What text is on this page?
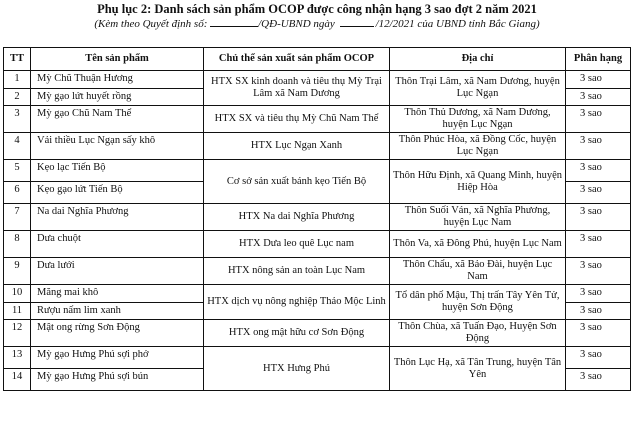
Phụ lục 2: Danh sách sản phẩm OCOP được công nhận hạng 3 sao đợt 2 năm 2021
(Kèm theo Quyết định số:	/QĐ-UBND ngày	/12/2021 của UBND tỉnh Bắc Giang)
TT	Tên sản phẩm	Chủ thể sản xuất sản phẩm OCOP	Địa chỉ	Phân hạng
1	Mỳ Chũ Thuận Hương	HTX SX kinh doanh và tiêu thụ Mỳ Trại Lâm xã Nam Dương	Thôn Trại Lâm, xã Nam Dương, huyện Lục Ngạn	3 sao
2	Mỳ gạo lứt huyết rồng			3 sao
3	Mỳ gạo Chũ Nam Thể	HTX SX và tiêu thụ Mỳ Chũ Nam Thể	Thôn Thủ Dương, xã Nam Dương, huyện Lục Ngạn	3 sao
4	Vải thiều Lục Ngạn sấy khô	HTX Lục Ngạn Xanh	Thôn Phúc Hòa, xã Đồng Cốc, huyện Lục Ngạn	3 sao
5	Kẹo lạc Tiến Bộ	Cơ sở sản xuất bánh kẹo Tiến Bộ	Thôn Hữu Định, xã Quang Minh, huyện Hiệp Hòa	3 sao
6	Kẹo gạo lứt Tiến Bộ			3 sao
7	Na dai Nghĩa Phương	HTX Na dai Nghĩa Phương	Thôn Suối Ván, xã Nghĩa Phương, huyện Lục Nam	3 sao
8	Dưa chuột	HTX Dưa leo quê Lục nam	Thôn Va, xã Đông Phú, huyện Lục Nam	3 sao
9	Dưa lưới	HTX nông sản an toàn Lục Nam	Thôn Chẩu, xã Bảo Đài, huyện Lục Nam	3 sao
10	Măng mai khô	HTX dịch vụ nông nghiệp Thảo Mộc Linh	Tổ dân phố Mậu, Thị trấn Tây Yên Tử, huyện Sơn Động	3 sao
11	Rượu nấm lim xanh			3 sao
12	Mật ong rừng Sơn Động	HTX ong mật hữu cơ Sơn Động	Thôn Chùa, xã Tuấn Đạo, Huyện Sơn Động	3 sao
13	Mỳ gạo Hưng Phú sợi phở	HTX Hưng Phú	Thôn Lục Hạ, xã Tân Trung, huyện Tân Yên	3 sao
14	Mỳ gạo Hưng Phú sợi bún			3 sao
